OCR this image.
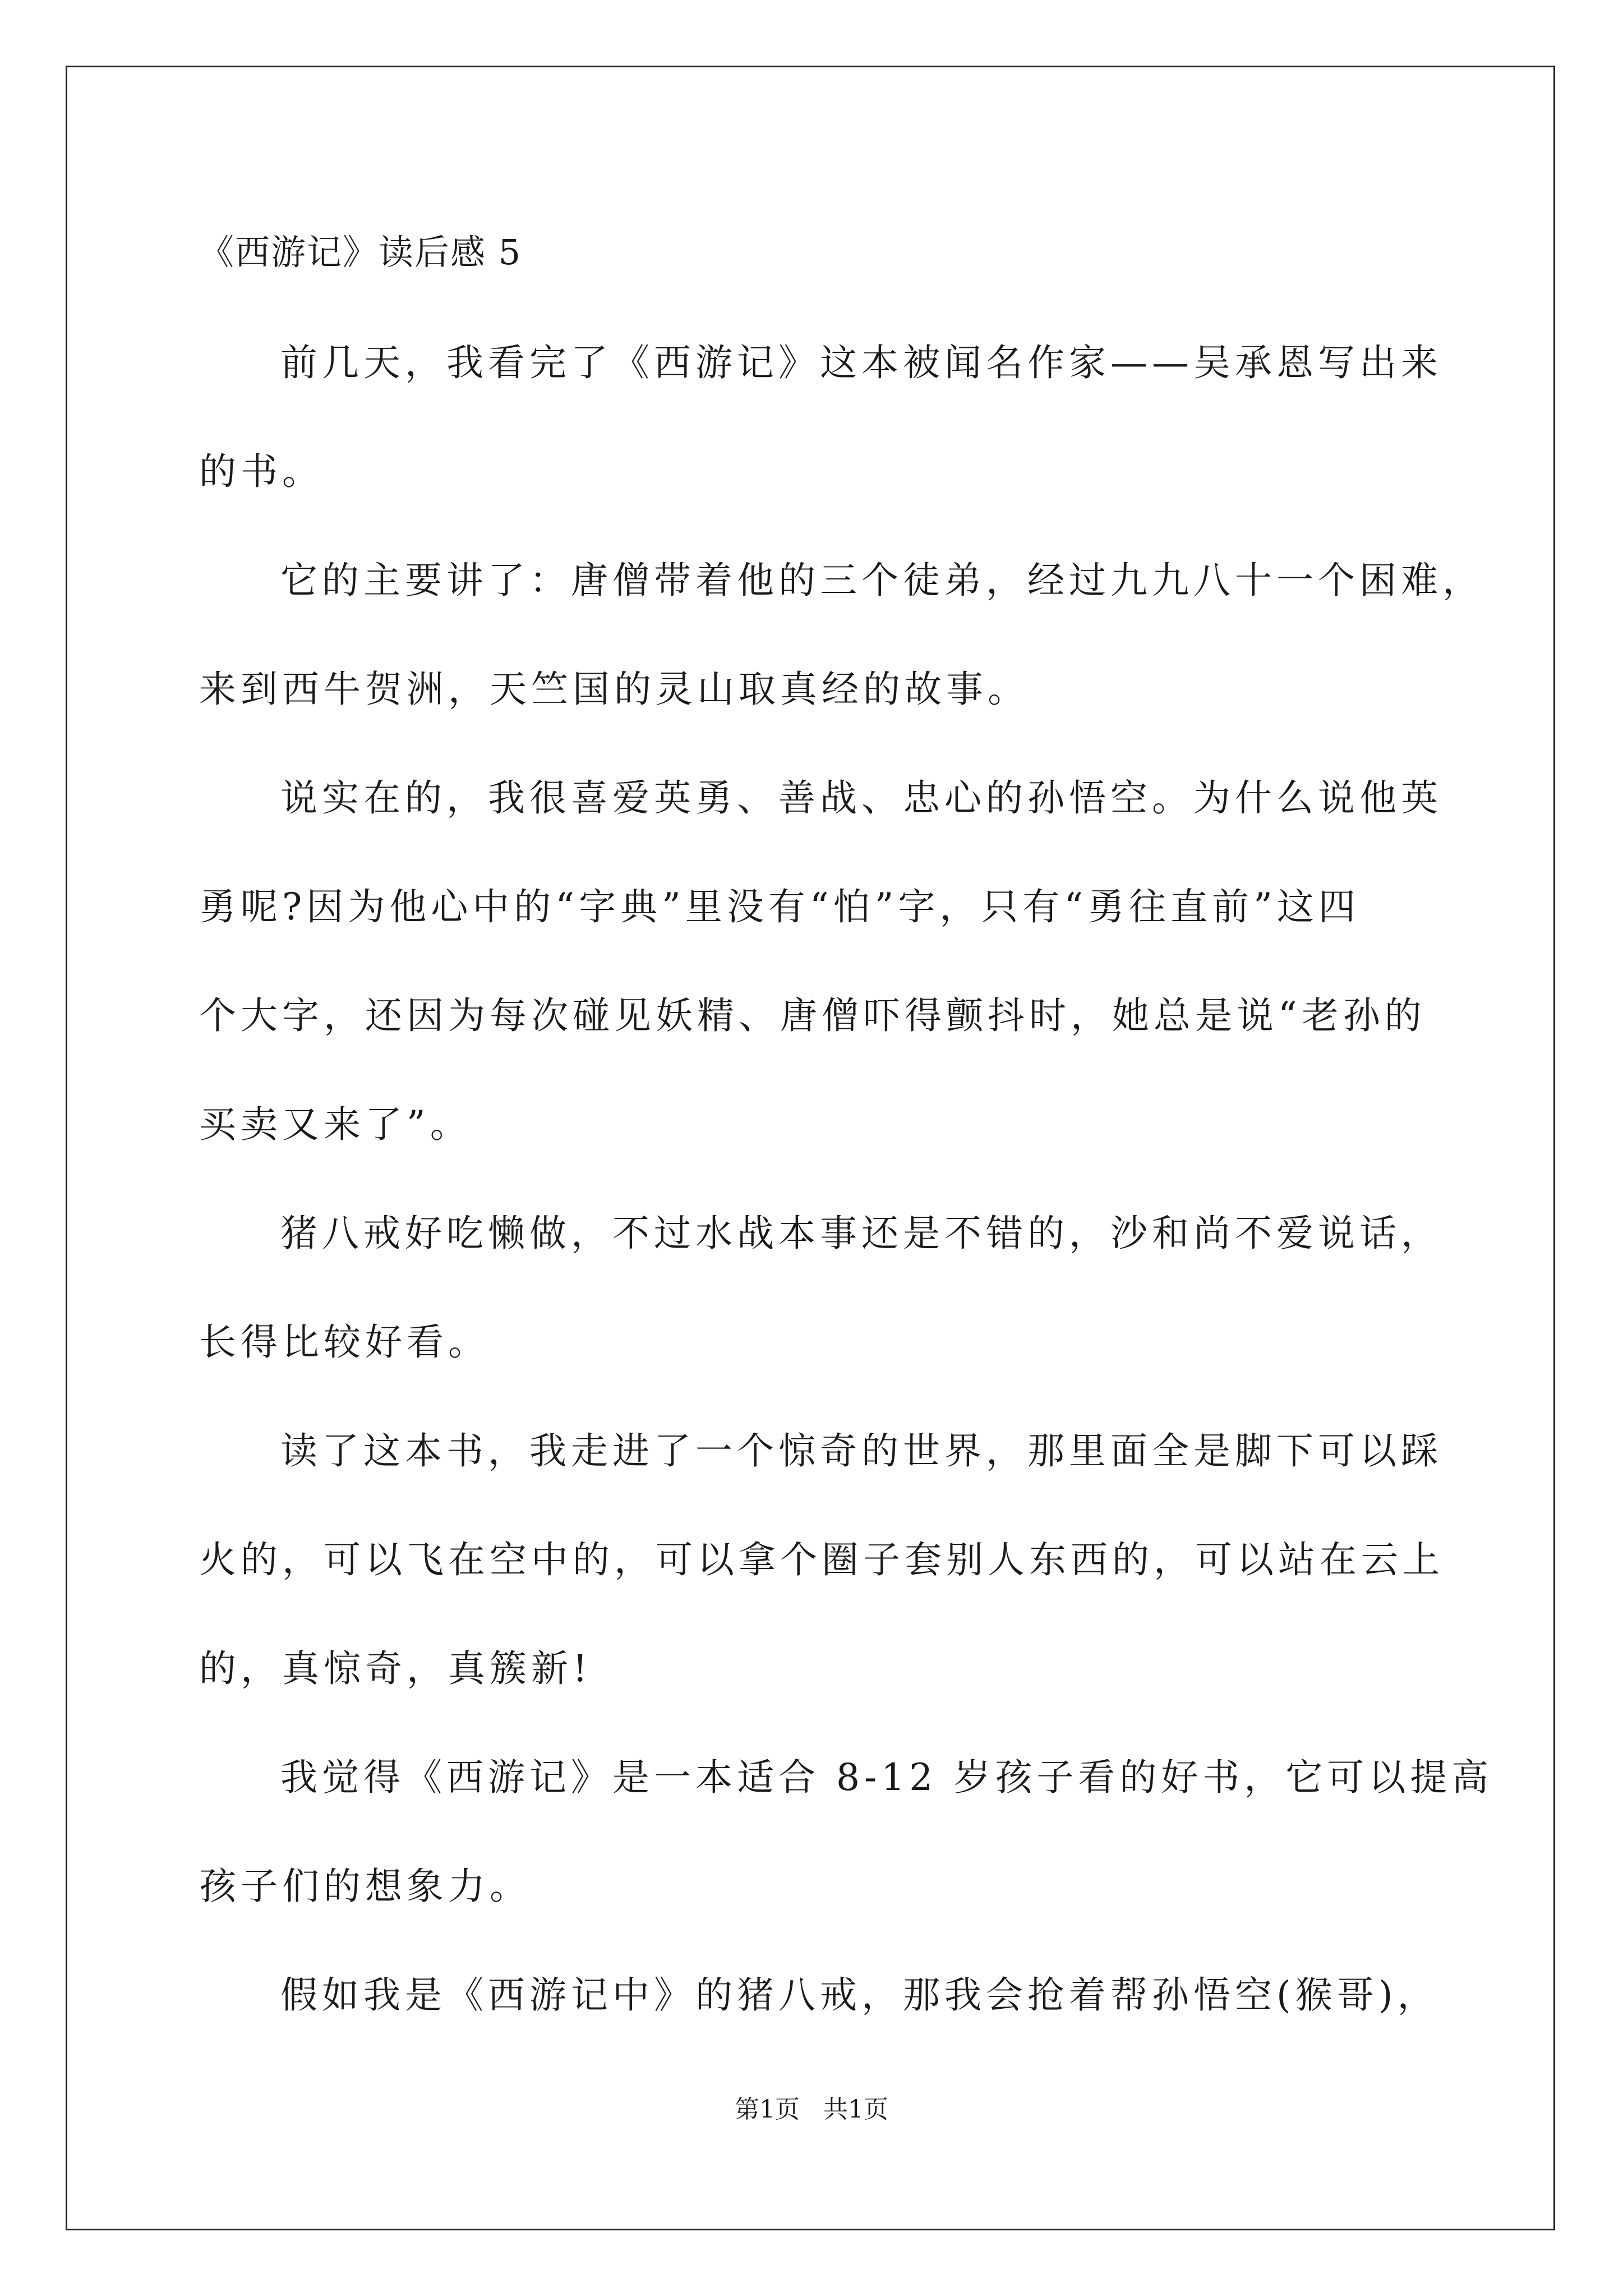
《西游记》读后感 5
前几天，我看完了《西游记》这本被闻名作家——吴承恩写出来
的书。
它的主要讲了：唐僧带着他的三个徒弟，经过九九八十一个困难，
来到西牛贺洲，天竺国的灵山取真经的故事。
说实在的，我很喜爱英勇、善战、忠心的孙悟空。为什么说他英
勇呢?因为他心中的“字典”里没有“怕”字，只有“勇往直前”这四
个大字，还因为每次碰见妖精、唐僧吓得颤抖时，她总是说“老孙的
买卖又来了”。
猪八戒好吃懒做，不过水战本事还是不错的，沙和尚不爱说话，
长得比较好看。
读了这本书，我走进了一个惊奇的世界，那里面全是脚下可以踩
火的，可以飞在空中的，可以拿个圈子套别人东西的，可以站在云上
的，真惊奇，真簇新!
我觉得《西游记》是一本适合 8-12 岁孩子看的好书，它可以提高
孩子们的想象力。
假如我是《西游记中》的猪八戒，那我会抢着帮孙悟空(猴哥)，
第1页   共1页
